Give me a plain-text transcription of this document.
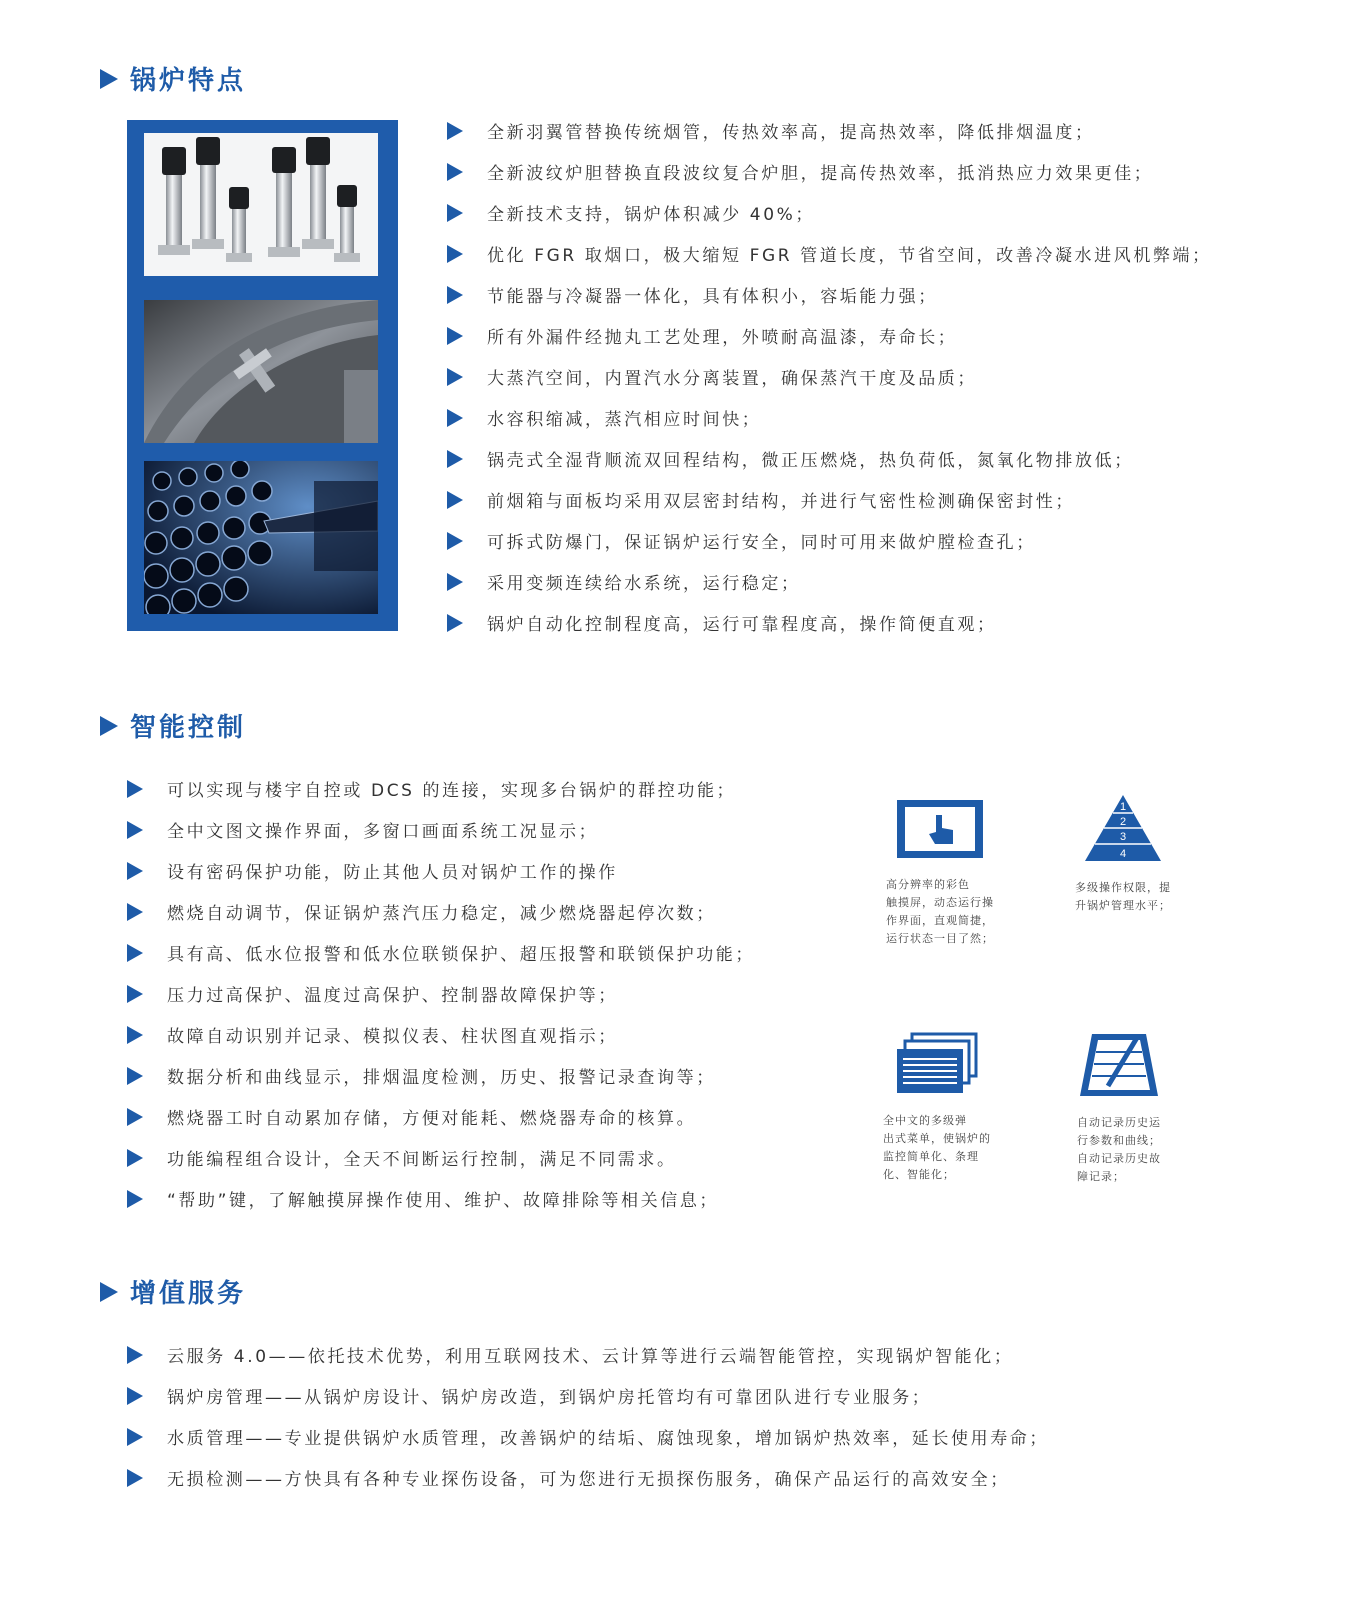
锅炉特点
全新羽翼管替换传统烟管，传热效率高，提高热效率，降低排烟温度；
全新波纹炉胆替换直段波纹复合炉胆，提高传热效率，抵消热应力效果更佳；
全新技术支持，锅炉体积减少 40%；
优化 FGR 取烟口，极大缩短 FGR 管道长度，节省空间，改善冷凝水进风机弊端；
节能器与冷凝器一体化，具有体积小，容垢能力强；
所有外漏件经抛丸工艺处理，外喷耐高温漆，寿命长；
大蒸汽空间，内置汽水分离装置，确保蒸汽干度及品质；
水容积缩减，蒸汽相应时间快；
锅壳式全湿背顺流双回程结构，微正压燃烧，热负荷低，氮氧化物排放低；
前烟箱与面板均采用双层密封结构，并进行气密性检测确保密封性；
可拆式防爆门，保证锅炉运行安全，同时可用来做炉膛检查孔；
采用变频连续给水系统，运行稳定；
锅炉自动化控制程度高，运行可靠程度高，操作简便直观；
智能控制
可以实现与楼宇自控或 DCS 的连接，实现多台锅炉的群控功能；
全中文图文操作界面，多窗口画面系统工况显示；
设有密码保护功能，防止其他人员对锅炉工作的操作
燃烧自动调节，保证锅炉蒸汽压力稳定，减少燃烧器起停次数；
具有高、低水位报警和低水位联锁保护、超压报警和联锁保护功能；
压力过高保护、温度过高保护、控制器故障保护等；
故障自动识别并记录、模拟仪表、柱状图直观指示；
数据分析和曲线显示，排烟温度检测，历史、报警记录查询等；
燃烧器工时自动累加存储，方便对能耗、燃烧器寿命的核算。
功能编程组合设计，全天不间断运行控制，满足不同需求。
“帮助”键，了解触摸屏操作使用、维护、故障排除等相关信息；
高分辨率的彩色
触摸屏，动态运行操
作界面，直观简捷，
运行状态一目了然；
1
2
3
4
多级操作权限，提
升锅炉管理水平；
全中文的多级弹
出式菜单，使锅炉的
监控简单化、条理
化、智能化；
自动记录历史运
行参数和曲线；
自动记录历史故
障记录；
增值服务
云服务 4.0——依托技术优势，利用互联网技术、云计算等进行云端智能管控，实现锅炉智能化；
锅炉房管理——从锅炉房设计、锅炉房改造，到锅炉房托管均有可靠团队进行专业服务；
水质管理——专业提供锅炉水质管理，改善锅炉的结垢、腐蚀现象，增加锅炉热效率，延长使用寿命；
无损检测——方快具有各种专业探伤设备，可为您进行无损探伤服务，确保产品运行的高效安全；
